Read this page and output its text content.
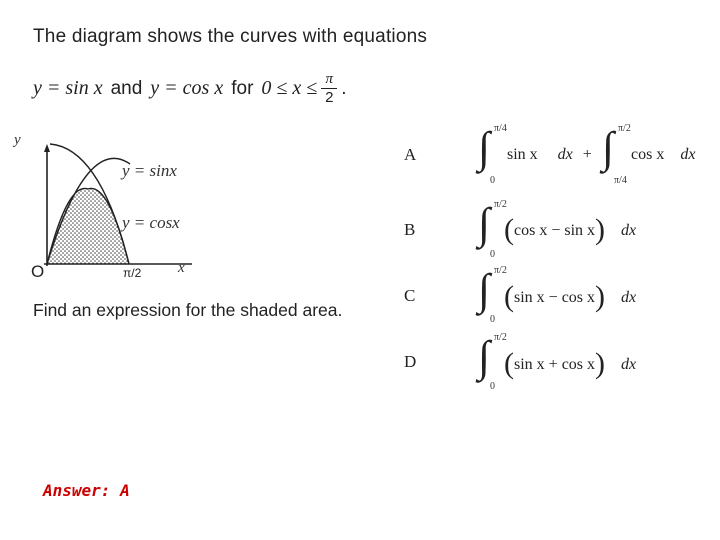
The diagram shows the curves with equations
y = sin x and y = cos x for $0 \le x \le \frac{\pi}{2}$ .
y
x
O	π/2
y = sinx
y = cosx
Find an expression for the shaded area.
A ∫ π/4
0
sin x dx + ∫ π/2
π/4
cos x dx
B ∫ π/2
0
(cos x − sin x) dx
C ∫ π/2
0
(sin x − cos x) dx
D ∫ π/2
0
(sin x + cos x) dx
Answer: A
